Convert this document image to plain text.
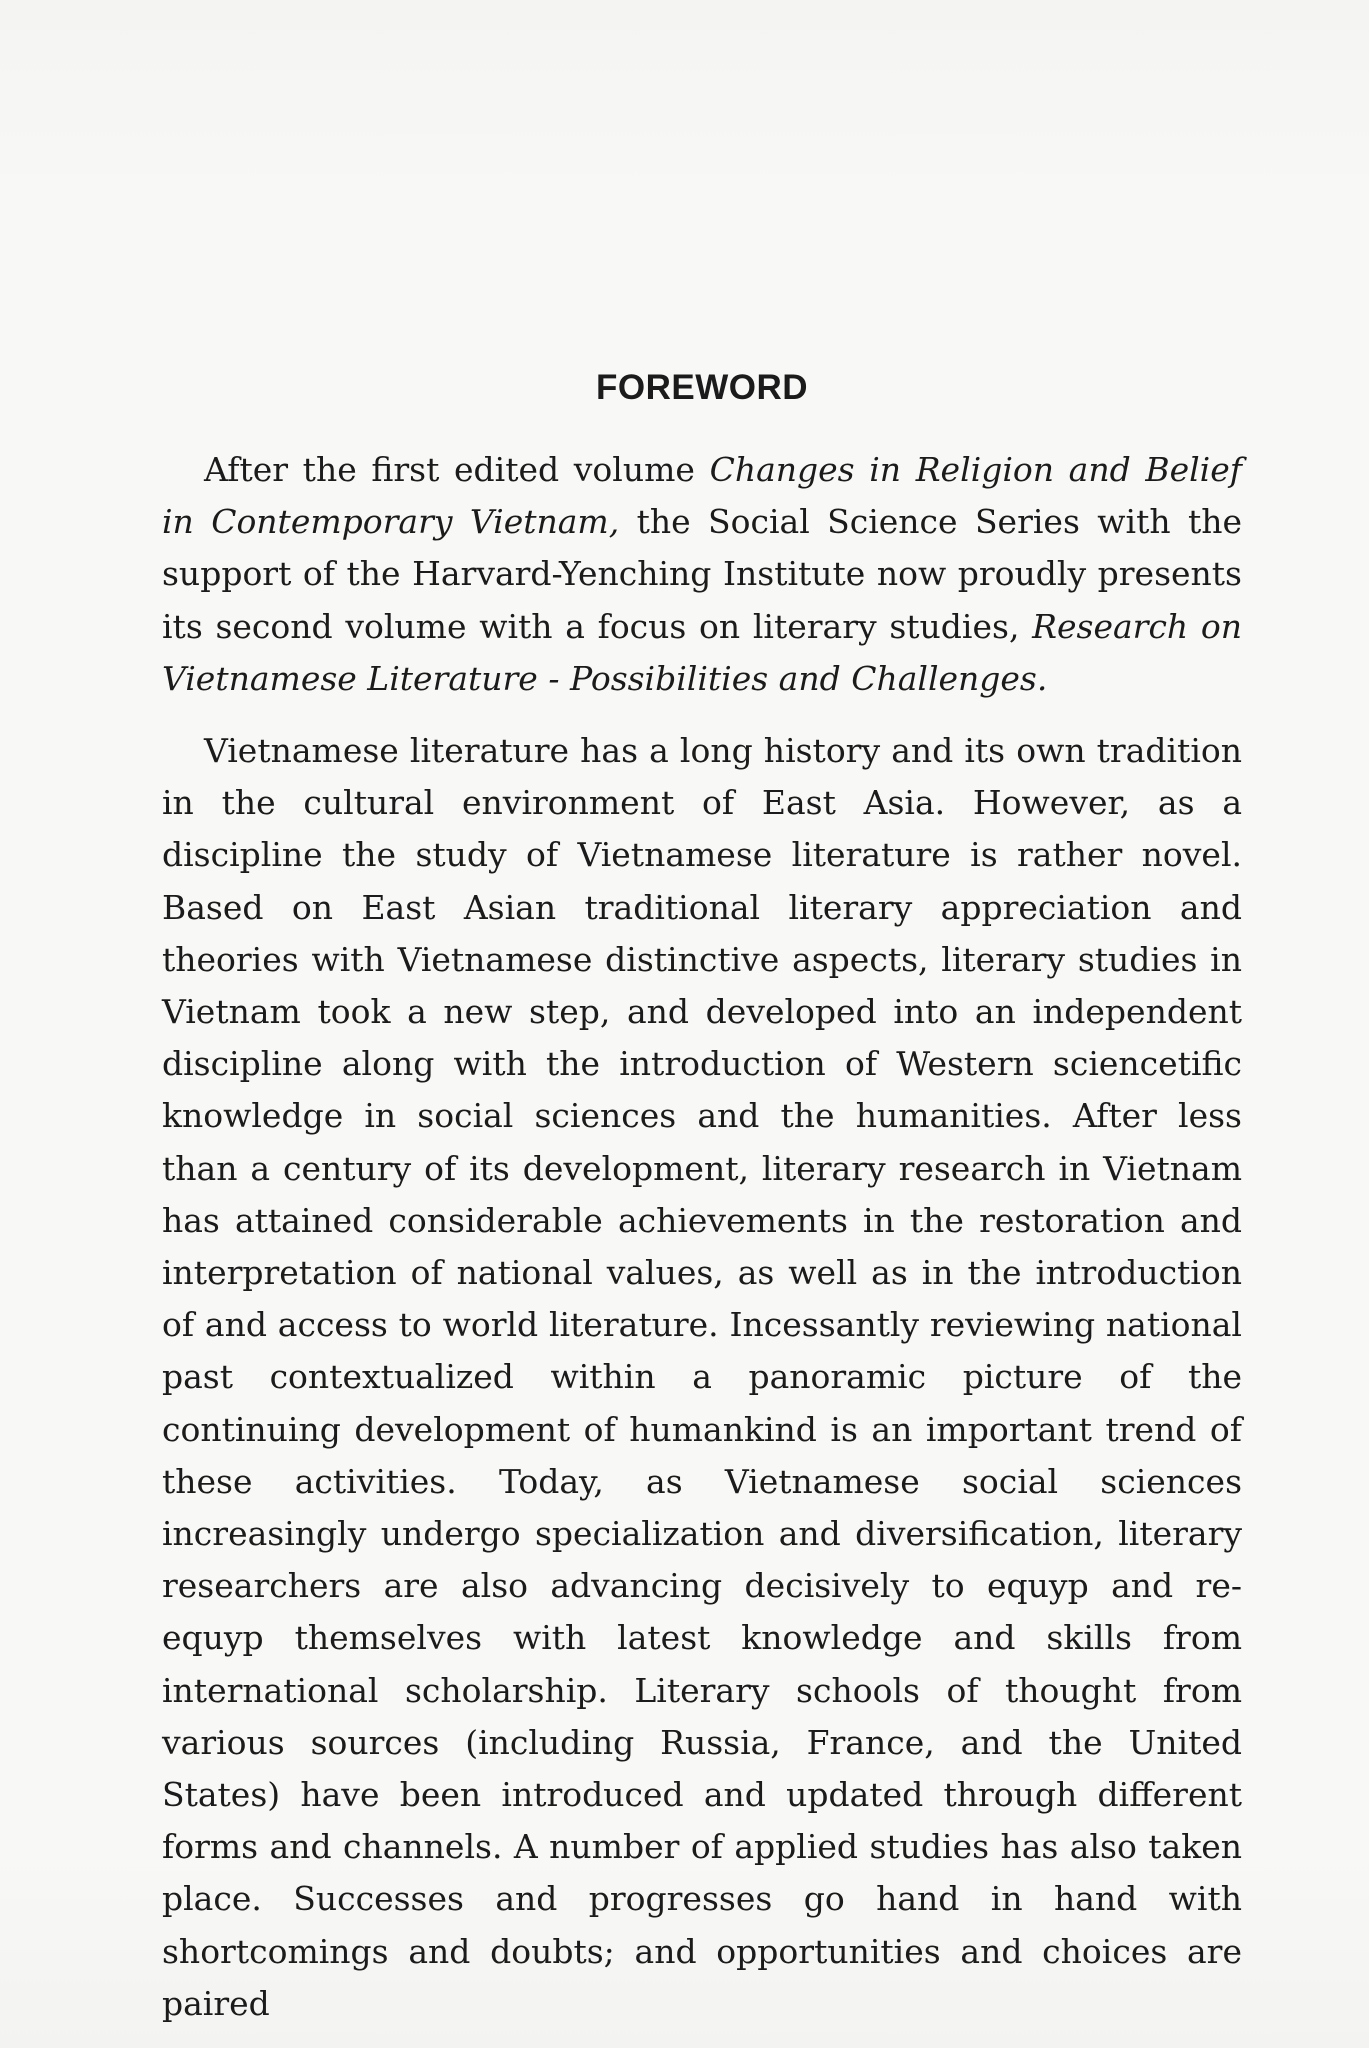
FOREWORD

After the first edited volume Changes in Religion and Belief in Contemporary Vietnam, the Social Science Series with the support of the Harvard-Yenching Institute now proudly presents its second volume with a focus on literary studies, Research on Vietnamese Literature - Possibilities and Challenges.

Vietnamese literature has a long history and its own tradition in the cultural environment of East Asia. However, as a discipline the study of Vietnamese literature is rather novel. Based on East Asian traditional literary appreciation and theories with Vietnamese distinctive aspects, literary studies in Vietnam took a new step, and developed into an independent discipline along with the introduction of Western sciencetific knowledge in social sciences and the humanities. After less than a century of its development, literary research in Vietnam has attained considerable achievements in the restoration and interpretation of national values, as well as in the introduction of and access to world literature. Incessantly reviewing national past contextualized within a panoramic picture of the continuing development of humankind is an important trend of these activities. Today, as Vietnamese social sciences increasingly undergo specialization and diversification, literary researchers are also advancing decisively to equyp and re-equyp themselves with latest knowledge and skills from international scholarship. Literary schools of thought from various sources (including Russia, France, and the United States) have been introduced and updated through different forms and channels. A number of applied studies has also taken place. Successes and progresses go hand in hand with shortcomings and doubts; and opportunities and choices are paired
